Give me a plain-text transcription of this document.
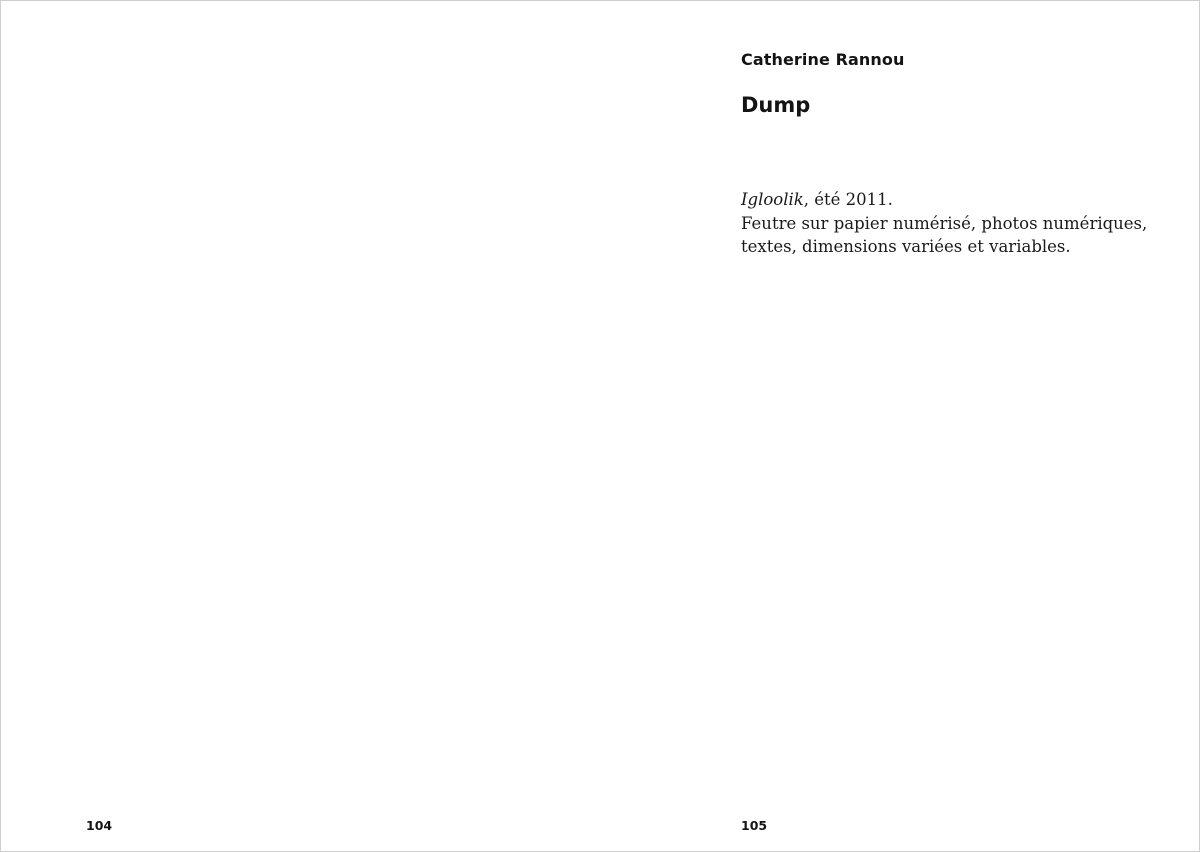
104

Catherine Rannou
Dump

Igloolik, été 2011.
Feutre sur papier numérisé, photos numériques,
textes, dimensions variées et variables.

105
